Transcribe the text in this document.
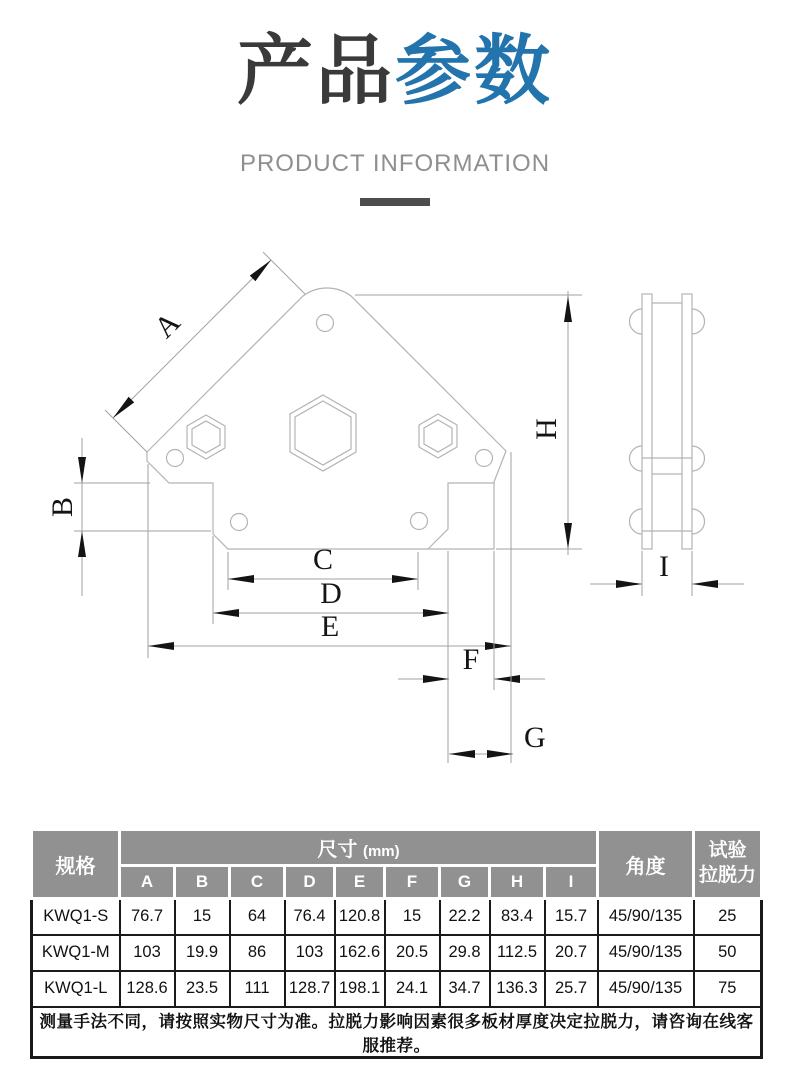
产品参数
PRODUCT INFORMATION
A
B
C
D
E
F
G
H
I
规格	尺寸 (mm)									角度	试验
拉脱力
	A	B	C	D	E	F	G	H	I		
KWQ1-S	76.7	15	64	76.4	120.8	15	22.2	83.4	15.7	45/90/135	25
KWQ1-M	103	19.9	86	103	162.6	20.5	29.8	112.5	20.7	45/90/135	50
KWQ1-L	128.6	23.5	111	128.7	198.1	24.1	34.7	136.3	25.7	45/90/135	75
测量手法不同，请按照实物尺寸为准。拉脱力影响因素很多板材厚度决定拉脱力，请咨询在线客服推荐。											
